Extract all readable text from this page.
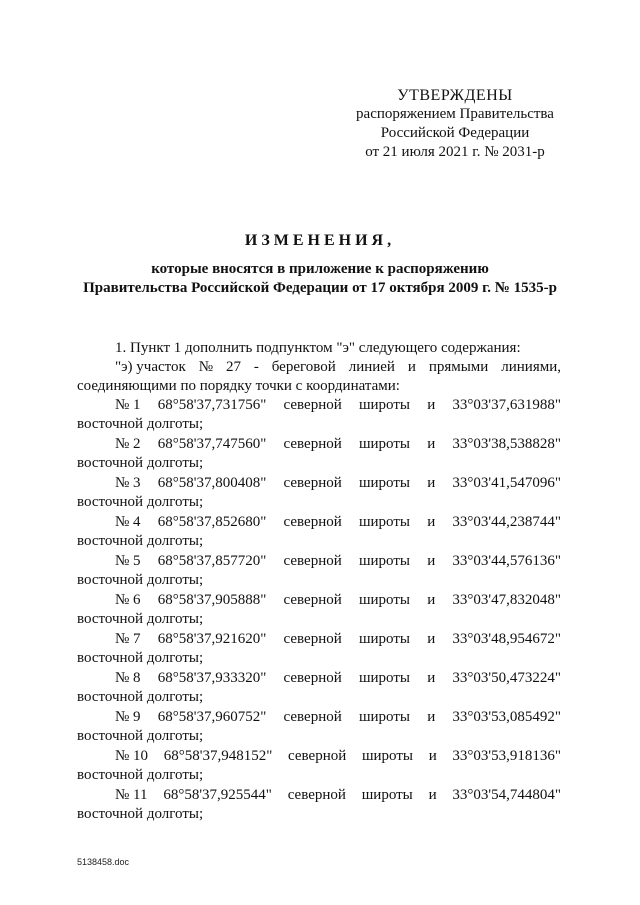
УТВЕРЖДЕНЫ
распоряжением Правительства
Российской Федерации
от 21 июля 2021 г. № 2031-р
ИЗМЕНЕНИЯ,
которые вносятся в приложение к распоряжению
Правительства Российской Федерации от 17 октября 2009 г. № 1535-р

1. Пункт 1 дополнить подпунктом "э" следующего содержания:

"э) участок № 27 - береговой линией и прямыми линиями,
соединяющими по порядку точки с координатами:
№ 1 68°58'37,731756" северной широты и 33°03'37,631988"
восточной долготы;
№ 2 68°58'37,747560" северной широты и 33°03'38,538828"
восточной долготы;
№ 3 68°58'37,800408" северной широты и 33°03'41,547096"
восточной долготы;
№ 4 68°58'37,852680" северной широты и 33°03'44,238744"
восточной долготы;
№ 5 68°58'37,857720" северной широты и 33°03'44,576136"
восточной долготы;
№ 6 68°58'37,905888" северной широты и 33°03'47,832048"
восточной долготы;
№ 7 68°58'37,921620" северной широты и 33°03'48,954672"
восточной долготы;
№ 8 68°58'37,933320" северной широты и 33°03'50,473224"
восточной долготы;
№ 9 68°58'37,960752" северной широты и 33°03'53,085492"
восточной долготы;
№ 10 68°58'37,948152" северной широты и 33°03'53,918136"
восточной долготы;
№ 11 68°58'37,925544" северной широты и 33°03'54,744804"
восточной долготы;
5138458.doc
